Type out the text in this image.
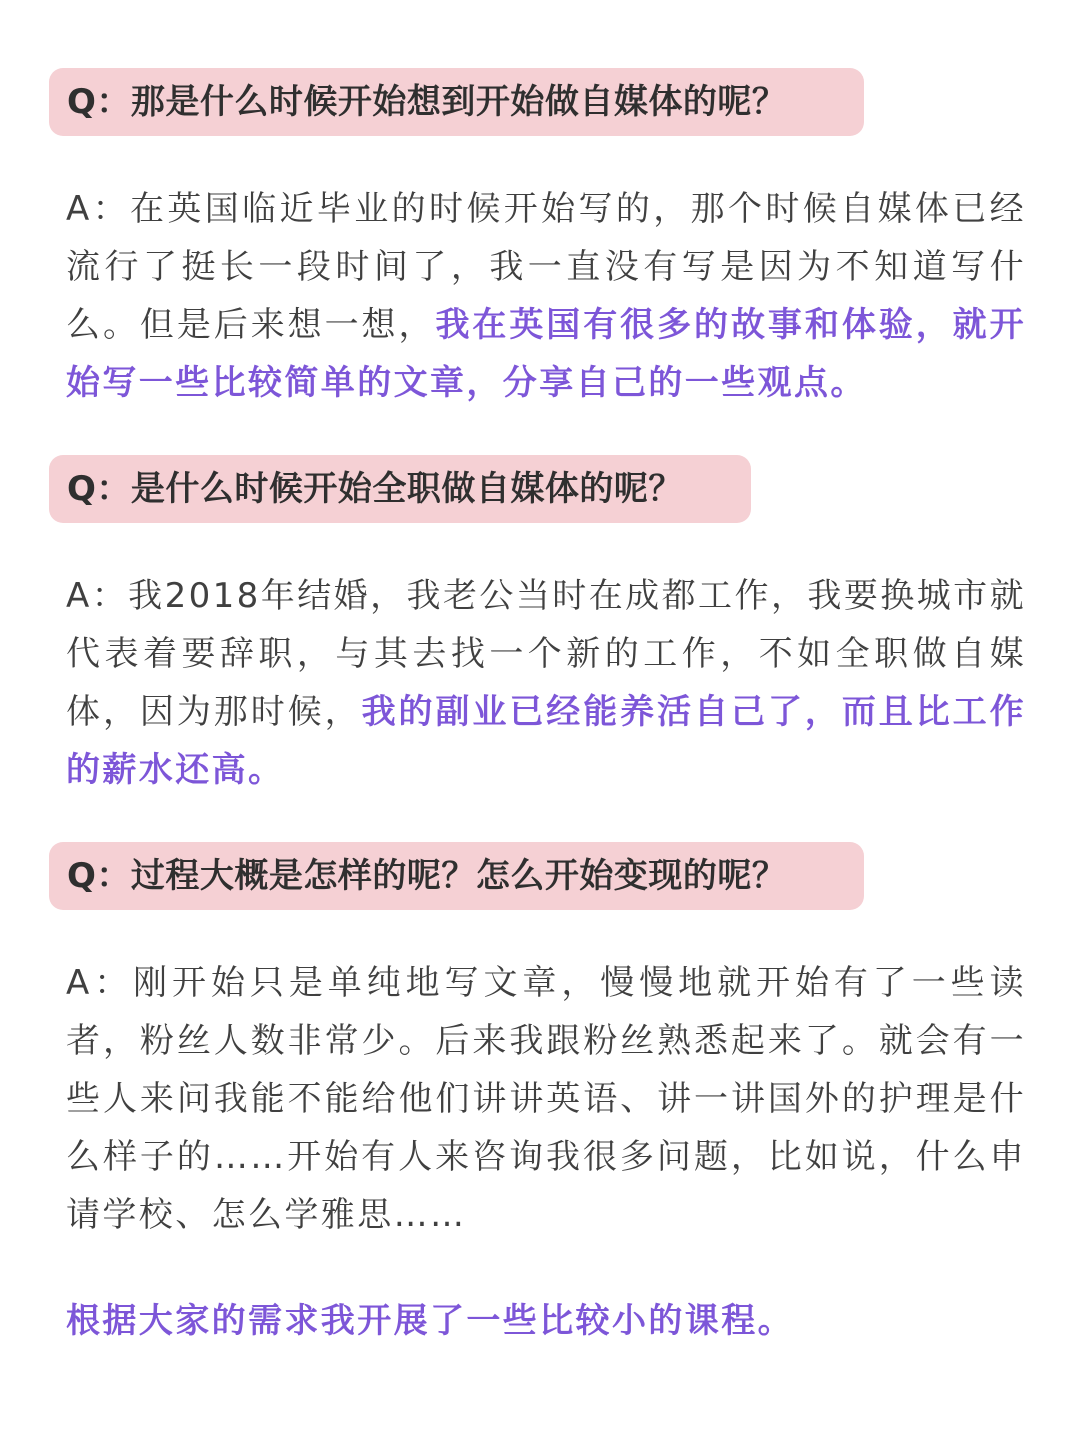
Q：那是什么时候开始想到开始做自媒体的呢？

A：在英国临近毕业的时候开始写的，那个时候自媒体已经流行了挺长一段时间了，我一直没有写是因为不知道写什么。但是后来想一想，我在英国有很多的故事和体验，就开始写一些比较简单的文章，分享自己的一些观点。

Q：是什么时候开始全职做自媒体的呢？

A：我2018年结婚，我老公当时在成都工作，我要换城市就代表着要辞职，与其去找一个新的工作，不如全职做自媒体，因为那时候，我的副业已经能养活自己了，而且比工作的薪水还高。

Q：过程大概是怎样的呢？怎么开始变现的呢？

A：刚开始只是单纯地写文章，慢慢地就开始有了一些读者，粉丝人数非常少。后来我跟粉丝熟悉起来了。就会有一些人来问我能不能给他们讲讲英语、讲一讲国外的护理是什么样子的……开始有人来咨询我很多问题，比如说，什么申请学校、怎么学雅思……

根据大家的需求我开展了一些比较小的课程。
